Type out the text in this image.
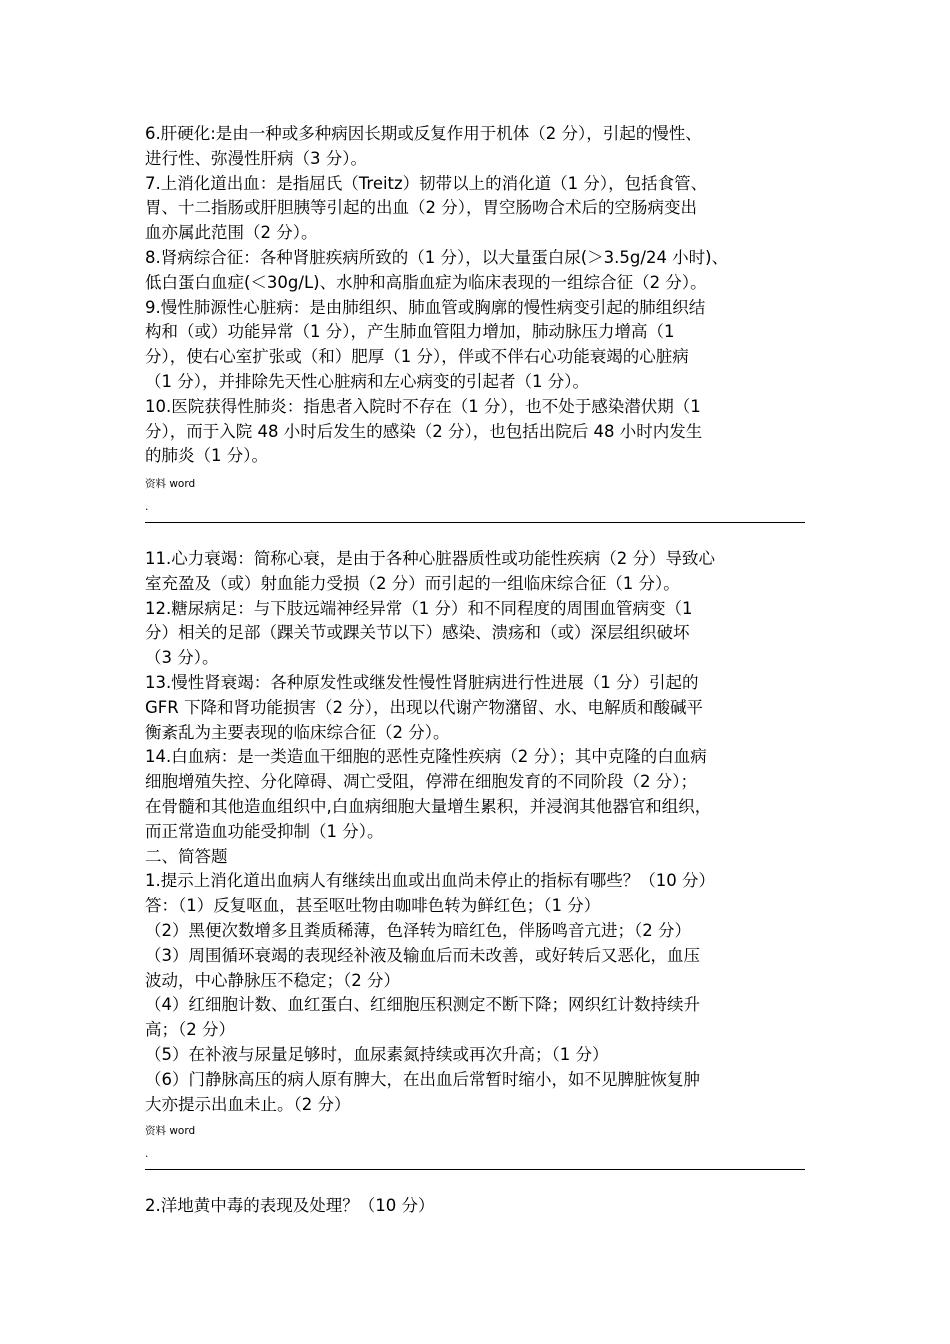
6.肝硬化:是由一种或多种病因长期或反复作用于机体（2 分），引起的慢性、
进行性、弥漫性肝病（3 分）。
7.上消化道出血：是指屈氏（Treitz）韧带以上的消化道（1 分），包括食管、
胃、十二指肠或肝胆胰等引起的出血（2 分），胃空肠吻合术后的空肠病变出
血亦属此范围（2 分）。
8.肾病综合征：各种肾脏疾病所致的（1 分），以大量蛋白尿(＞3.5g/24 小时)、
低白蛋白血症(＜30g/L)、水肿和高脂血症为临床表现的一组综合征（2 分）。
9.慢性肺源性心脏病：是由肺组织、肺血管或胸廓的慢性病变引起的肺组织结
构和（或）功能异常（1 分），产生肺血管阻力增加，肺动脉压力增高（1
分），使右心室扩张或（和）肥厚（1 分），伴或不伴右心功能衰竭的心脏病
（1 分），并排除先天性心脏病和左心病变的引起者（1 分）。
10.医院获得性肺炎：指患者入院时不存在（1 分），也不处于感染潜伏期（1
分），而于入院 48 小时后发生的感染（2 分），也包括出院后 48 小时内发生
的肺炎（1 分）。
资料 word
.
11.心力衰竭：简称心衰，是由于各种心脏器质性或功能性疾病（2 分）导致心
室充盈及（或）射血能力受损（2 分）而引起的一组临床综合征（1 分）。
12.糖尿病足：与下肢远端神经异常（1 分）和不同程度的周围血管病变（1
分）相关的足部（踝关节或踝关节以下）感染、溃疡和（或）深层组织破坏
（3 分）。
13.慢性肾衰竭：各种原发性或继发性慢性肾脏病进行性进展（1 分）引起的
GFR 下降和肾功能损害（2 分），出现以代谢产物潴留、水、电解质和酸碱平
衡紊乱为主要表现的临床综合征（2 分）。
14.白血病：是一类造血干细胞的恶性克隆性疾病（2 分）；其中克隆的白血病
细胞增殖失控、分化障碍、凋亡受阻，停滞在细胞发育的不同阶段（2 分）；
在骨髓和其他造血组织中,白血病细胞大量增生累积，并浸润其他器官和组织，
而正常造血功能受抑制（1 分）。
二、简答题
1.提示上消化道出血病人有继续出血或出血尚未停止的指标有哪些？（10 分）
答：（1）反复呕血，甚至呕吐物由咖啡色转为鲜红色；（1 分）
（2）黑便次数增多且粪质稀薄，色泽转为暗红色，伴肠鸣音亢进；（2 分）
（3）周围循环衰竭的表现经补液及输血后而未改善，或好转后又恶化，血压
波动，中心静脉压不稳定；（2 分）
（4）红细胞计数、血红蛋白、红细胞压积测定不断下降；网织红计数持续升
高；（2 分）
（5）在补液与尿量足够时，血尿素氮持续或再次升高；（1 分）
（6）门静脉高压的病人原有脾大，在出血后常暂时缩小，如不见脾脏恢复肿
大亦提示出血未止。（2 分）
资料 word
.
2.洋地黄中毒的表现及处理？（10 分）
